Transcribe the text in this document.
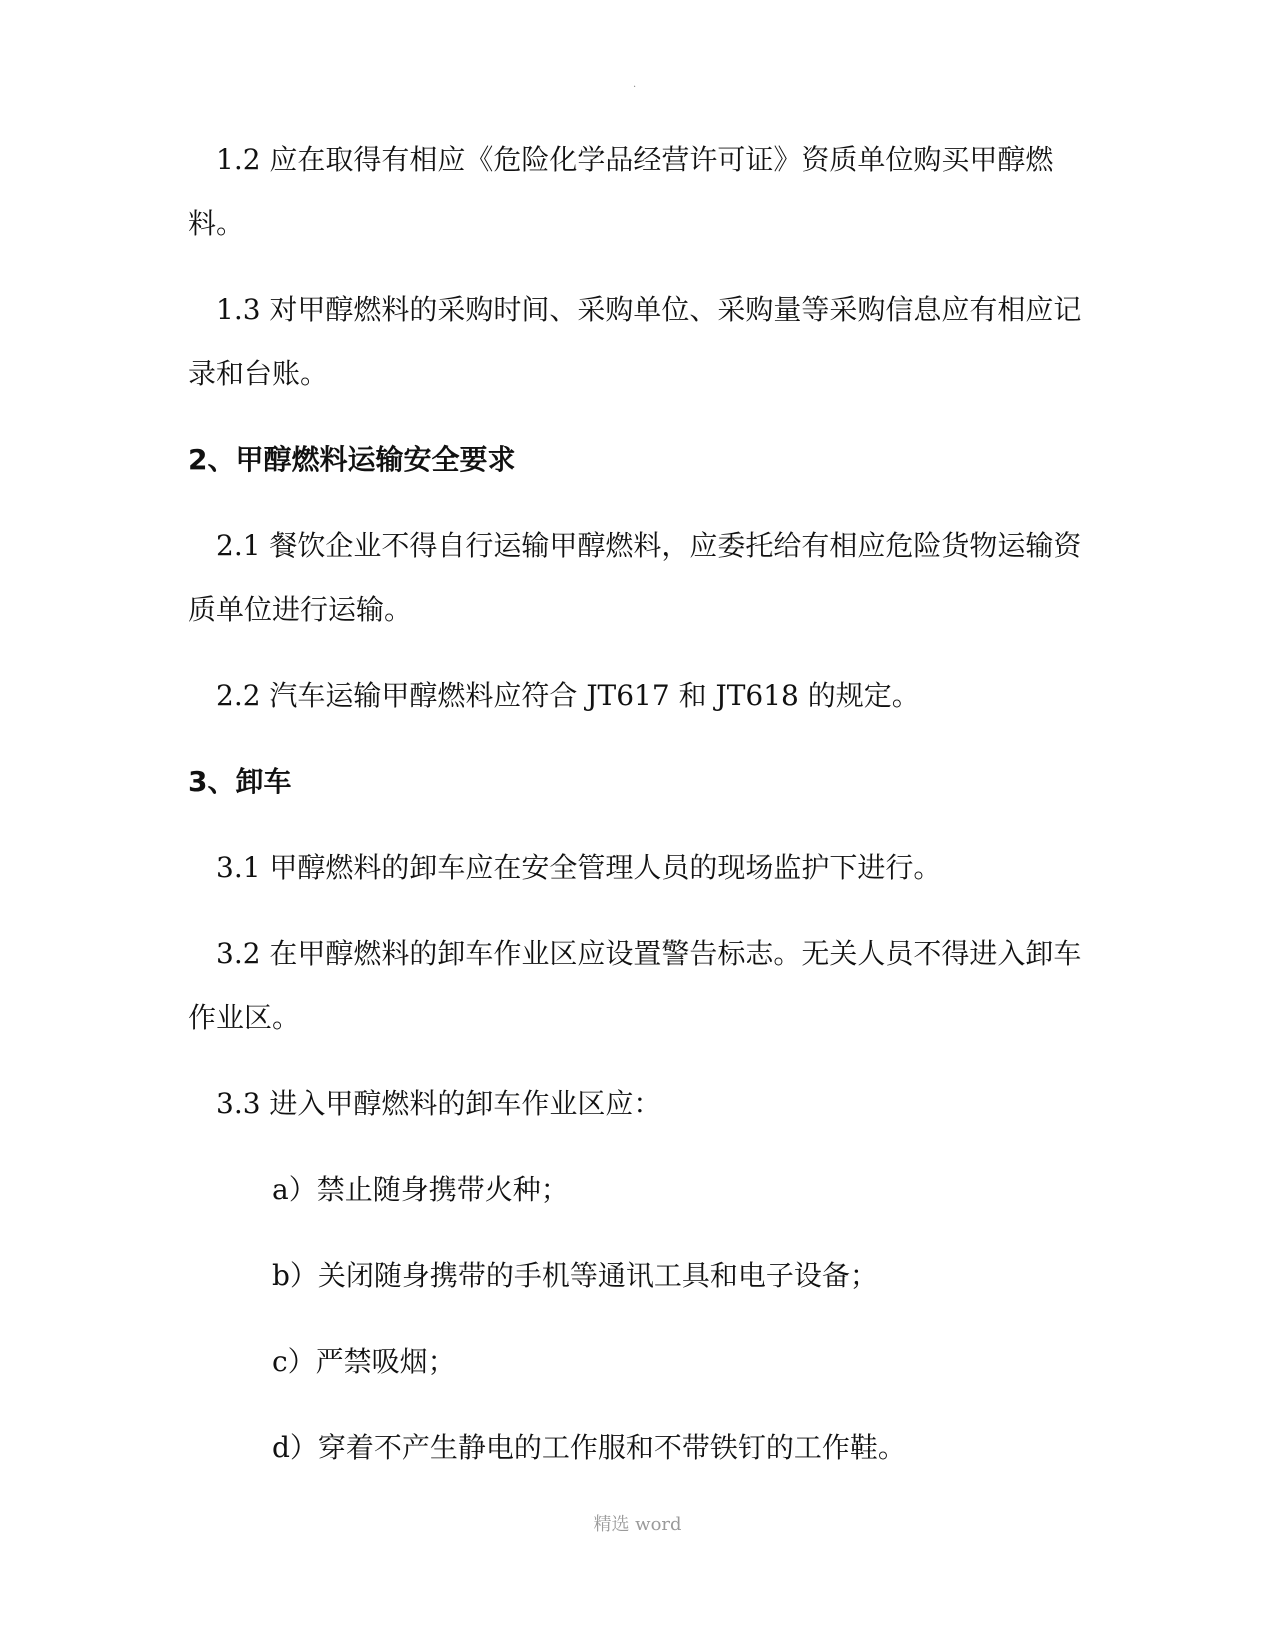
.

1.2 应在取得有相应《危险化学品经营许可证》资质单位购买甲醇燃料。

1.3 对甲醇燃料的采购时间、采购单位、采购量等采购信息应有相应记录和台账。

2、甲醇燃料运输安全要求

2.1 餐饮企业不得自行运输甲醇燃料，应委托给有相应危险货物运输资质单位进行运输。

2.2 汽车运输甲醇燃料应符合 JT617 和 JT618 的规定。

3、卸车

3.1 甲醇燃料的卸车应在安全管理人员的现场监护下进行。

3.2 在甲醇燃料的卸车作业区应设置警告标志。无关人员不得进入卸车作业区。

3.3 进入甲醇燃料的卸车作业区应：

a）禁止随身携带火种；
b）关闭随身携带的手机等通讯工具和电子设备；
c）严禁吸烟；
d）穿着不产生静电的工作服和不带铁钉的工作鞋。
精选 word
